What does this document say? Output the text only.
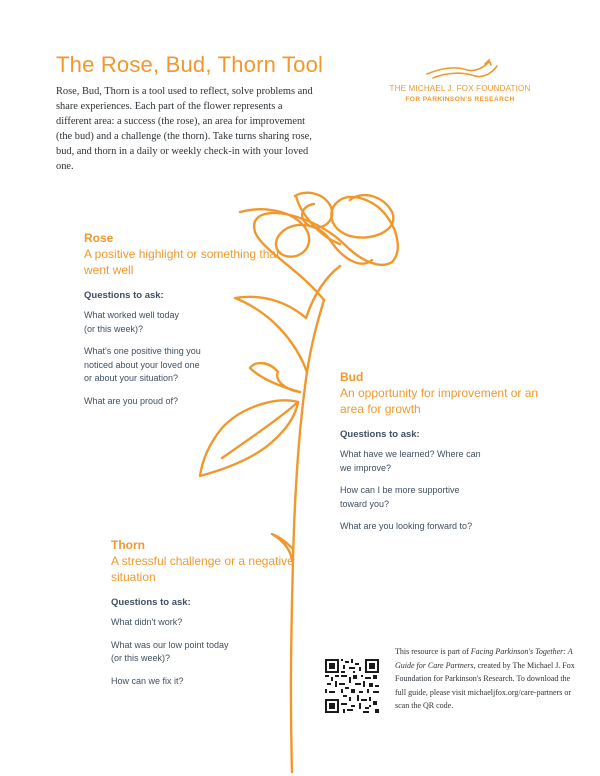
The Rose, Bud, Thorn Tool
Rose, Bud, Thorn is a tool used to reflect, solve problems and share experiences. Each part of the flower represents a different area: a success (the rose), an area for improvement (the bud) and a challenge (the thorn). Take turns sharing rose, bud, and thorn in a daily or weekly check-in with your loved one.
THE MICHAEL J. FOX FOUNDATION
FOR PARKINSON'S RESEARCH
Rose
A positive highlight or something that went well
Questions to ask:
What worked well today
(or this week)?
What's one positive thing you
noticed about your loved one
or about your situation?
What are you proud of?
Bud
An opportunity for improvement or an area for growth
Questions to ask:
What have we learned? Where can
we improve?
How can I be more supportive
toward you?
What are you looking forward to?
Thorn
A stressful challenge or a negative situation
Questions to ask:
What didn't work?
What was our low point today
(or this week)?
How can we fix it?
This resource is part of Facing Parkinson's Together: A Guide for Care Partners, created by The Michael J. Fox Foundation for Parkinson's Research. To download the full guide, please visit michaeljfox.org/care-partners or scan the QR code.
